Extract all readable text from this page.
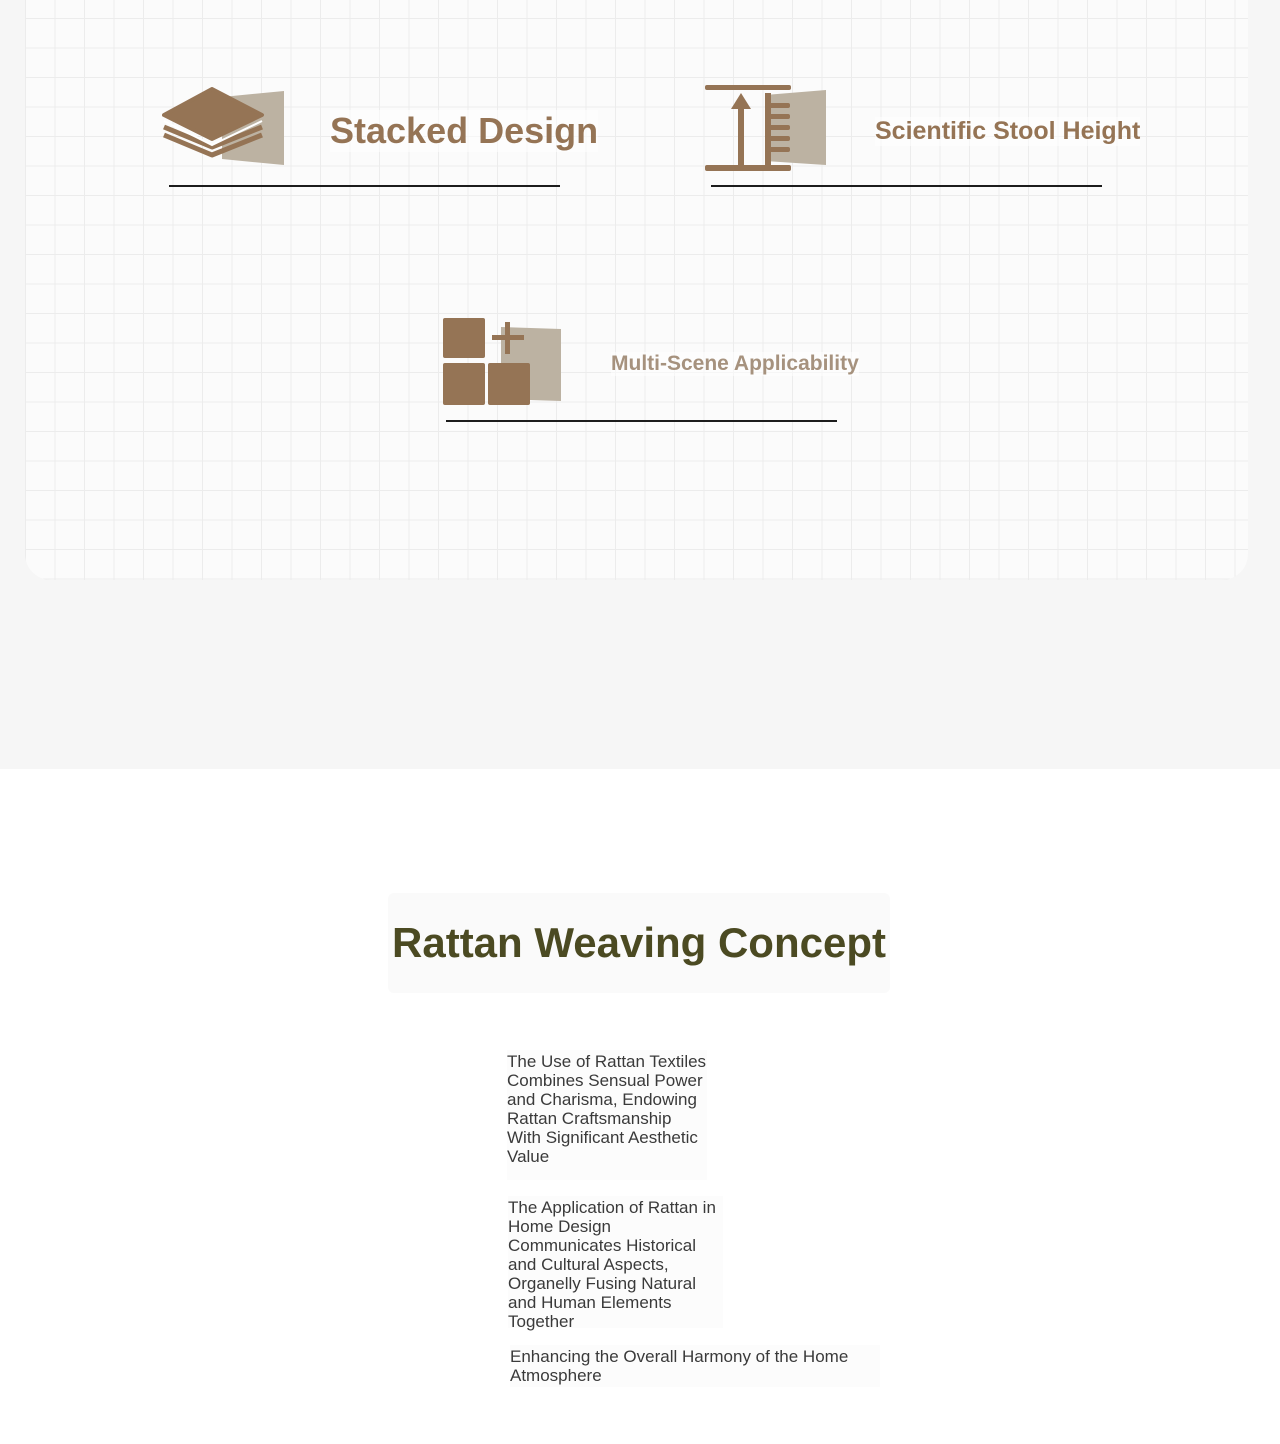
Stacked Design	Scientific Stool Height
Multi-Scene Applicability
Rattan Weaving Concept
The Use of Rattan Textiles Combines Sensual Power and Charisma, Endowing Rattan Craftsmanship With Significant Aesthetic Value
The Application of Rattan in Home Design Communicates Historical and Cultural Aspects, Organelly Fusing Natural and Human Elements Together
Enhancing the Overall Harmony of the Home Atmosphere
